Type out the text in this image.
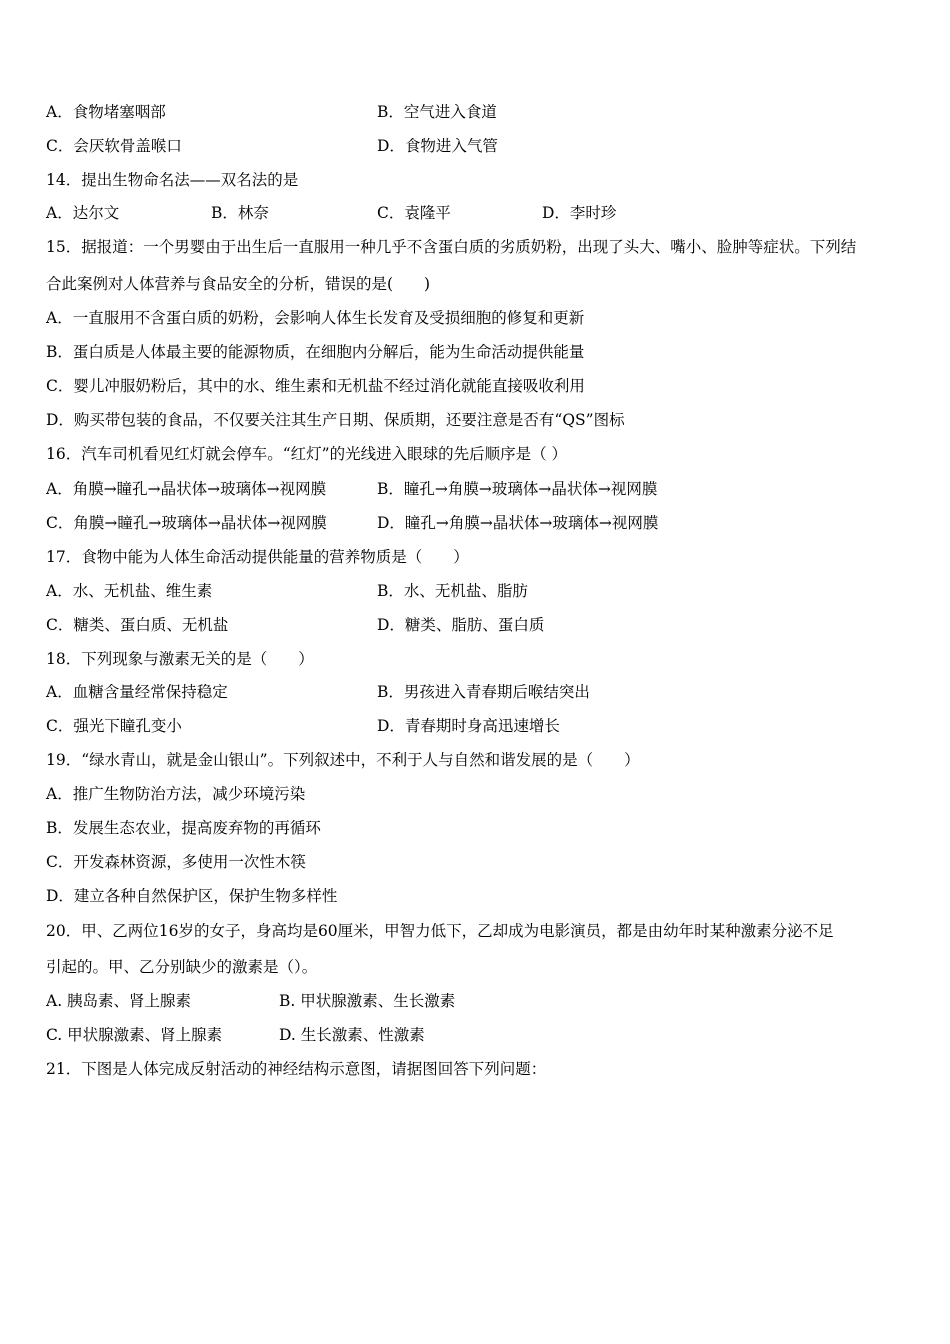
A．食物堵塞咽部	B．空气进入食道
C．会厌软骨盖喉口	D．食物进入气管
14．提出生物命名法——双名法的是
A．达尔文	B．林奈	C．袁隆平	D．李时珍
15．据报道：一个男婴由于出生后一直服用一种几乎不含蛋白质的劣质奶粉，出现了头大、嘴小、脸肿等症状。下列结
合此案例对人体营养与食品安全的分析，错误的是(　　)
A．一直服用不含蛋白质的奶粉，会影响人体生长发育及受损细胞的修复和更新
B．蛋白质是人体最主要的能源物质，在细胞内分解后，能为生命活动提供能量
C．婴儿冲服奶粉后，其中的水、维生素和无机盐不经过消化就能直接吸收利用
D．购买带包装的食品，不仅要关注其生产日期、保质期，还要注意是否有“QS”图标
16．汽车司机看见红灯就会停车。“红灯”的光线进入眼球的先后顺序是（ ）
A．角膜→瞳孔→晶状体→玻璃体→视网膜	B．瞳孔→角膜→玻璃体→晶状体→视网膜
C．角膜→瞳孔→玻璃体→晶状体→视网膜	D．瞳孔→角膜→晶状体→玻璃体→视网膜
17．食物中能为人体生命活动提供能量的营养物质是（　　）
A．水、无机盐、维生素	B．水、无机盐、脂肪
C．糖类、蛋白质、无机盐	D．糖类、脂肪、蛋白质
18．下列现象与激素无关的是（　　）
A．血糖含量经常保持稳定	B．男孩进入青春期后喉结突出
C．强光下瞳孔变小	D．青春期时身高迅速增长
19．“绿水青山，就是金山银山”。下列叙述中，不利于人与自然和谐发展的是（　　）
A．推广生物防治方法，减少环境污染
B．发展生态农业，提高废弃物的再循环
C．开发森林资源，多使用一次性木筷
D．建立各种自然保护区，保护生物多样性
20．甲、乙两位16岁的女子，身高均是60厘米，甲智力低下，乙却成为电影演员，都是由幼年时某种激素分泌不足
引起的。甲、乙分别缺少的激素是（）。
A. 胰岛素、肾上腺素	B. 甲状腺激素、生长激素
C. 甲状腺激素、肾上腺素	D. 生长激素、性激素
21．下图是人体完成反射活动的神经结构示意图，请据图回答下列问题：
